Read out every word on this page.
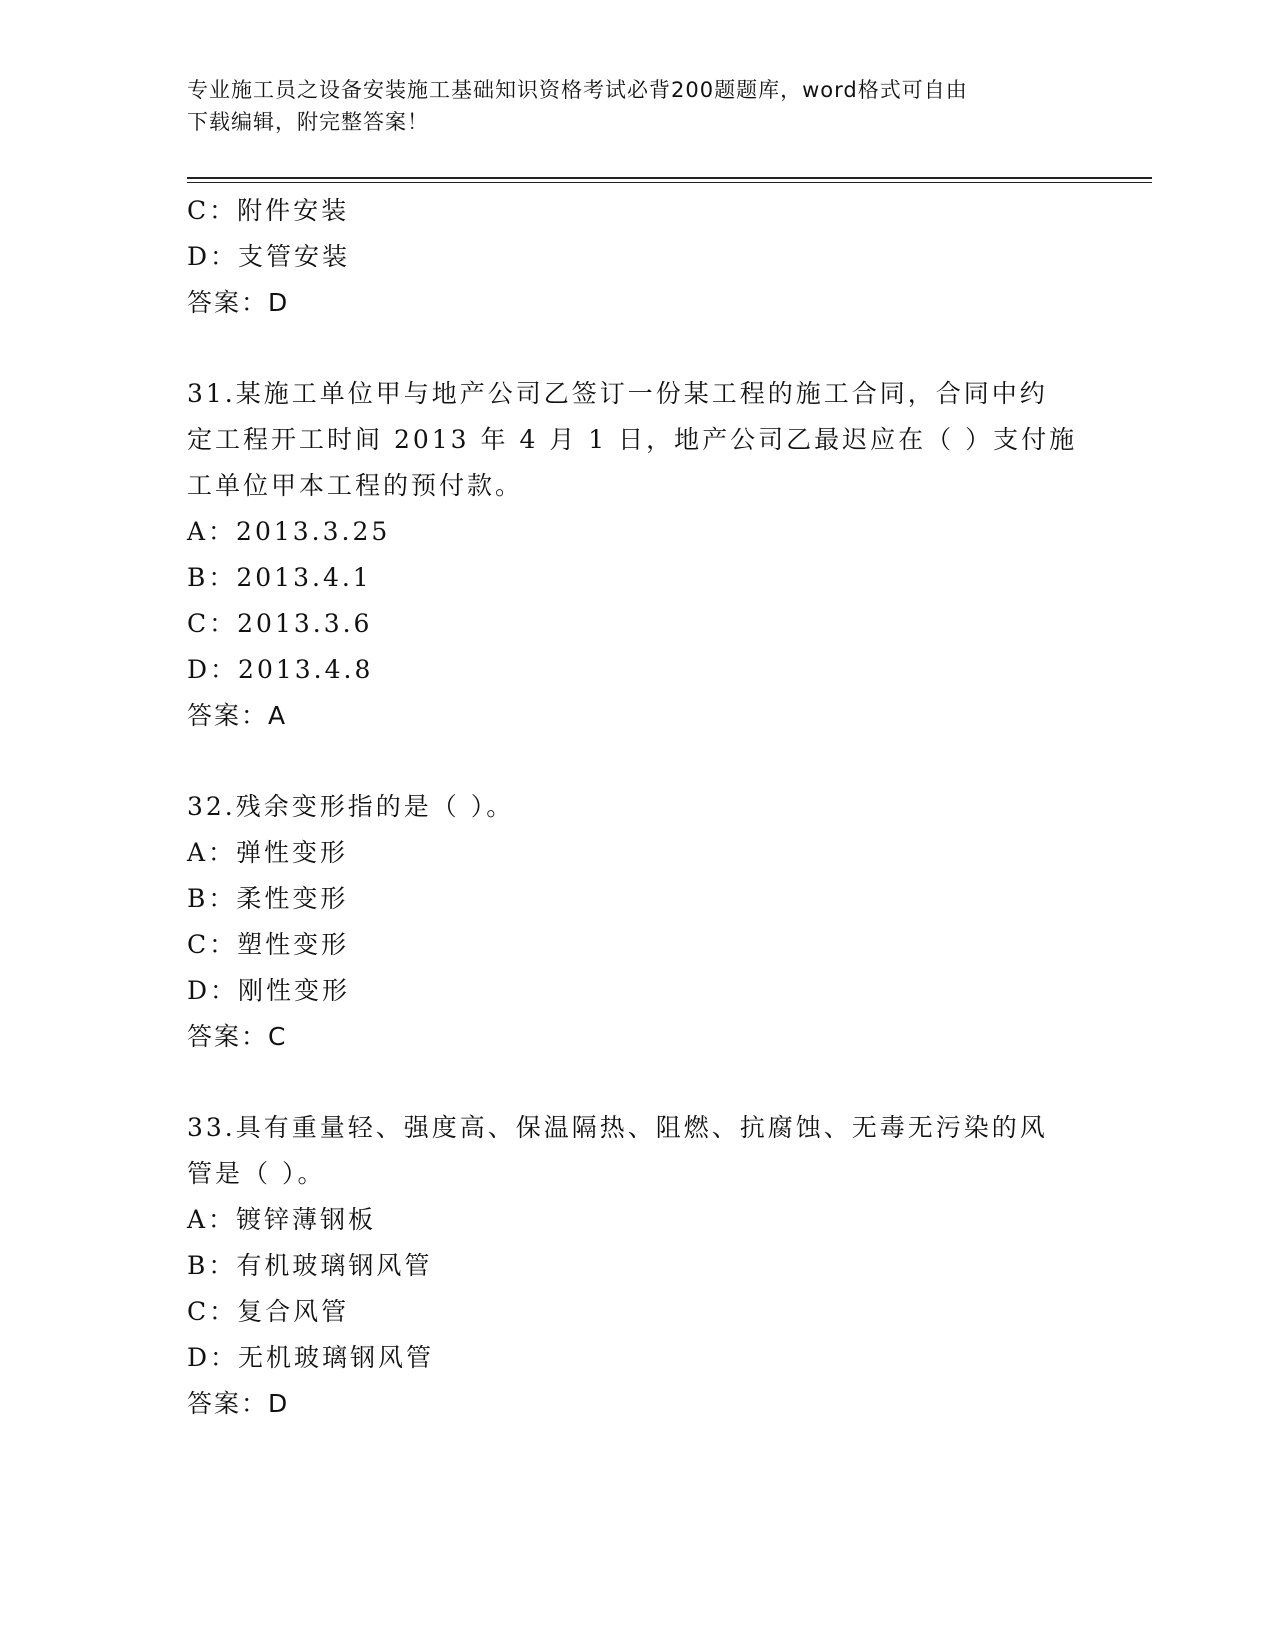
专业施工员之设备安装施工基础知识资格考试必背200题题库，word格式可自由
下载编辑，附完整答案！
C：附件安装
D：支管安装
答案：D
31.某施工单位甲与地产公司乙签订一份某工程的施工合同，合同中约
定工程开工时间 2013 年 4 月 1 日，地产公司乙最迟应在（ ）支付施
工单位甲本工程的预付款。
A：2013.3.25
B：2013.4.1
C：2013.3.6
D：2013.4.8
答案：A
32.残余变形指的是（ ）。
A：弹性变形
B：柔性变形
C：塑性变形
D：刚性变形
答案：C
33.具有重量轻、强度高、保温隔热、阻燃、抗腐蚀、无毒无污染的风
管是（ ）。
A：镀锌薄钢板
B：有机玻璃钢风管
C：复合风管
D：无机玻璃钢风管
答案：D
